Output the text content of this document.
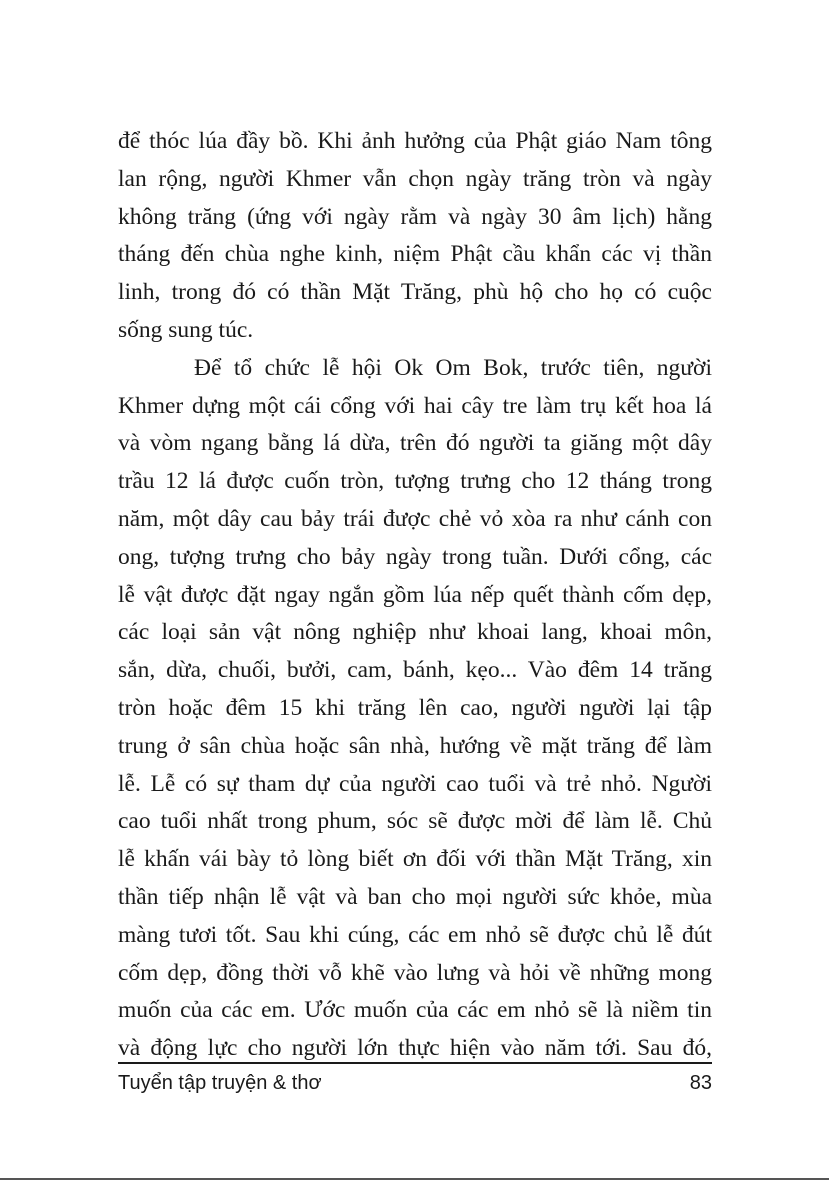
để thóc lúa đầy bồ. Khi ảnh hưởng của Phật giáo Nam tông
lan rộng, người Khmer vẫn chọn ngày trăng tròn và ngày
không trăng (ứng với ngày rằm và ngày 30 âm lịch) hằng
tháng đến chùa nghe kinh, niệm Phật cầu khẩn các vị thần
linh, trong đó có thần Mặt Trăng, phù hộ cho họ có cuộc
sống sung túc.
Để tổ chức lễ hội Ok Om Bok, trước tiên, người
Khmer dựng một cái cổng với hai cây tre làm trụ kết hoa lá
và vòm ngang bằng lá dừa, trên đó người ta giăng một dây
trầu 12 lá được cuốn tròn, tượng trưng cho 12 tháng trong
năm, một dây cau bảy trái được chẻ vỏ xòa ra như cánh con
ong, tượng trưng cho bảy ngày trong tuần. Dưới cổng, các
lễ vật được đặt ngay ngắn gồm lúa nếp quết thành cốm dẹp,
các loại sản vật nông nghiệp như khoai lang, khoai môn,
sắn, dừa, chuối, bưởi, cam, bánh, kẹo... Vào đêm 14 trăng
tròn hoặc đêm 15 khi trăng lên cao, người người lại tập
trung ở sân chùa hoặc sân nhà, hướng về mặt trăng để làm
lễ. Lễ có sự tham dự của người cao tuổi và trẻ nhỏ. Người
cao tuổi nhất trong phum, sóc sẽ được mời để làm lễ. Chủ
lễ khấn vái bày tỏ lòng biết ơn đối với thần Mặt Trăng, xin
thần tiếp nhận lễ vật và ban cho mọi người sức khỏe, mùa
màng tươi tốt. Sau khi cúng, các em nhỏ sẽ được chủ lễ đút
cốm dẹp, đồng thời vỗ khẽ vào lưng và hỏi về những mong
muốn của các em. Ước muốn của các em nhỏ sẽ là niềm tin
và động lực cho người lớn thực hiện vào năm tới. Sau đó,
Tuyển tập truyện & thơ	83
